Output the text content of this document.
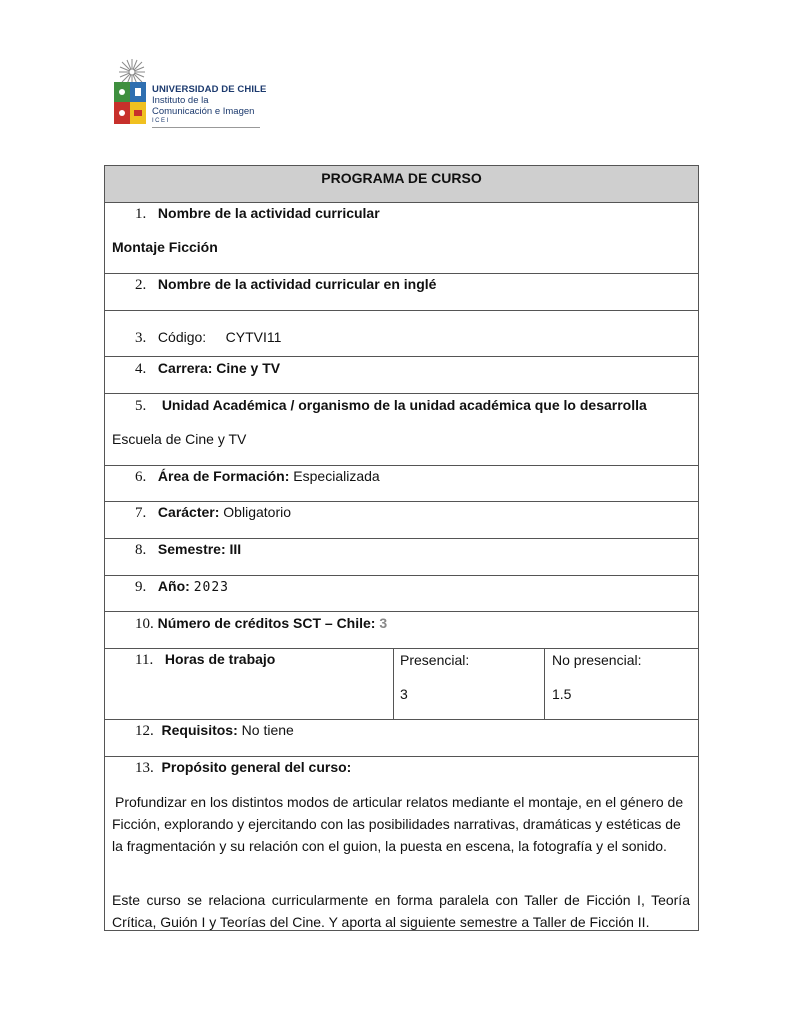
UNIVERSIDAD DE CHILE
Instituto de la
Comunicación e Imagen
ICEI
PROGRAMA DE CURSO
1. Nombre de la actividad curricular
Montaje Ficción
2. Nombre de la actividad curricular en inglé
3. Código: CYTVI11
4. Carrera: Cine y TV
5. Unidad Académica / organismo de la unidad académica que lo desarrolla
Escuela de Cine y TV
6. Área de Formación: Especializada
7. Carácter: Obligatorio
8. Semestre: III
9. Año: 2023
10. Número de créditos SCT – Chile: 3
11. Horas de trabajo	Presencial:
3
No presencial:
1.5
12. Requisitos: No tiene
13. Propósito general del curso:
Profundizar en los distintos modos de articular relatos mediante el montaje, en el género de Ficción, explorando y ejercitando con las posibilidades narrativas, dramáticas y estéticas de la fragmentación y su relación con el guion, la puesta en escena, la fotografía y el sonido.
Este curso se relaciona curricularmente en forma paralela con Taller de Ficción I, Teoría Crítica, Guión I y Teorías del Cine. Y aporta al siguiente semestre a Taller de Ficción II.
